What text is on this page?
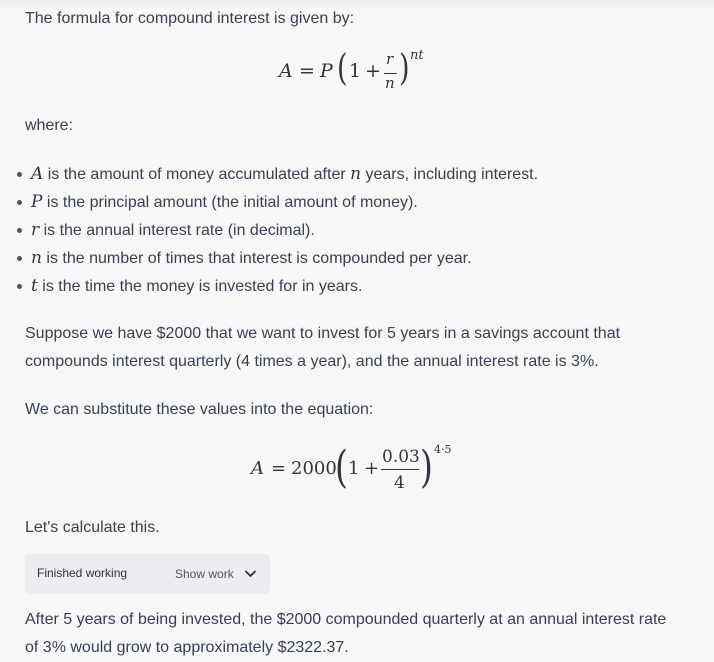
The formula for compound interest is given by:
A = P ( 1 +
r
n ) nt
where:
A is the amount of money accumulated after n years, including interest.
P is the principal amount (the initial amount of money).
r is the annual interest rate (in decimal).
n is the number of times that interest is compounded per year.
t is the time the money is invested for in years.
Suppose we have $2000 that we want to invest for 5 years in a savings account that
compounds interest quarterly (4 times a year), and the annual interest rate is 3%.
We can substitute these values into the equation:
A = 2000
( 1 +
0.03
4 ) 4·5
Let's calculate this.
Finished working	Show work
After 5 years of being invested, the $2000 compounded quarterly at an annual interest rate
of 3% would grow to approximately $2322.37.
